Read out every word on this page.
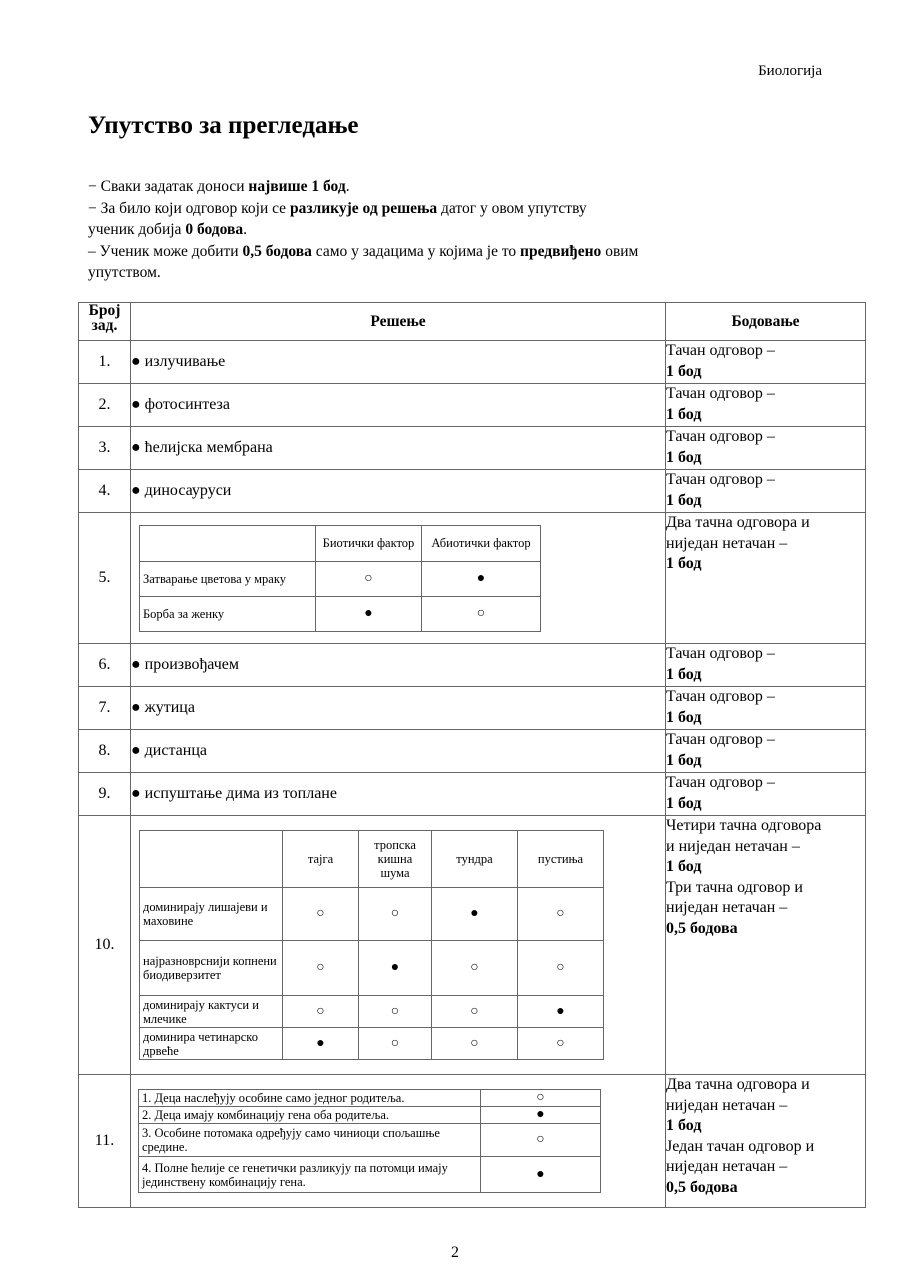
Биологија
Упутство за прегледање

− Сваки задатак доноси највише 1 бод.

− За било који одговор који се разликује од решења датог у овом упутству

ученик добија 0 бодова.

– Ученик може добити 0,5 бодова само у задацима у којима је то предвиђено овим

упутством.

Број зад.	Решење	Бодовање
1.	● излучивање	
Тачан одговор –
1 бод

2.	● фотосинтеза	
Тачан одговор –
1 бод

3.	● ћелијска мембрана	
Тачан одговор –
1 бод

4.	● диносауруси	
Тачан одговор –
1 бод

5.	
	Биотички фактор	Абиотички фактор
Затварање цветова у мраку	○	●
Борба за женку	●	○

Два тачна одговора и
ниједан нетачан –
1 бод

6.	● произвођачем	
Тачан одговор –
1 бод

7.	● жутица	
Тачан одговор –
1 бод

8.	● дистанца	
Тачан одговор –
1 бод

9.	● испуштање дима из топлане	
Тачан одговор –
1 бод

10.	
	тајга	тропска кишна шума	тундра	пустиња
доминирају лишајеви и маховине	○	○	●	○
најразноврснији копнени биодиверзитет	○	●	○	○
доминирају кактуси и млечике	○	○	○	●
доминира четинарско дрвеће	●	○	○	○

Четири тачна одговора
и ниједан нетачан –
1 бод
Три тачна одговор и
ниједан нетачан –
0,5 бодова

11.	
1. Деца наслеђују особине само једног родитеља.	○
2. Деца имају комбинацију гена оба родитеља.	●
3. Особине потомака одређују само чиниоци спољашње средине.	○
4. Полне ћелије се генетички разликују па потомци имају јединствену комбинацију гена.	●

Два тачна одговора и
ниједан нетачан –
1 бод
Један тачан одговор и
ниједан нетачан –
0,5 бодова
2
